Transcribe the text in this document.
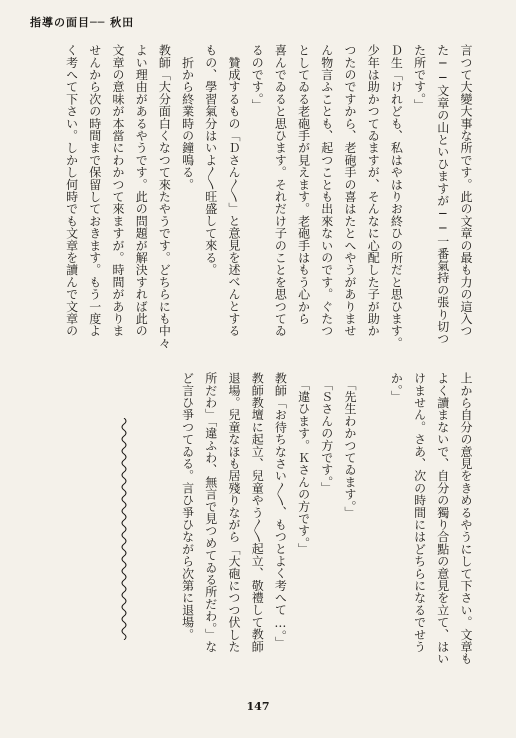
指導の面目── 秋田
言つて大變大事な所です。此の文章の最も力の這入つ
た──文章の山といひますが──一番氣持の張り切つ
た所です。」
Ｄ生「けれども、私はやはりお終ひの所だと思ひます。
少年は助かつてゐますが、そんなに心配した子が助か
つたのですから、老砲手の喜はたとへやうがありませ
ん物言ふことも、起つことも出來ないのです。ぐたつ
としてゐる老砲手が見えます。老砲手はもう心から
喜んでゐると思ひます。それだけ子のことを思つてゐ
るのです。」
　贊成するもの「Ｄさん〳〵」と意見を述べんとする
もの、學習氣分はいよ〳〵旺盛して來る。
　折から終業時の鐘鳴る。
教師「大分面白くなつて來たやうです。どちらにも中々
よい理由があるやうです。此の問題が解決すれば此の
文章の意味が本當にわかつて來ますが。時間がありま
せんから次の時間まで保留しておきます。もう一度よ
く考へて下さい。しかし何時でも文章を讀んで文章の
上から自分の意見をきめるやうにして下さい。文章も
よく讀まないで、自分の獨り合點の意見を立て、はい
けません。さあ、次の時間にはどちらになるでせう
か。」
　「先生わかつてゐます。」
　「Ｓさんの方です。」
　「違ひます。Ｋさんの方です。」
教師「お待ちなさい〳〵、もつとよく考へて…。」
教師教壇に起立、兒童やう〳〵起立、敬禮して教師
退場。兒童なほも居殘りながら「大砲につつ伏した
所だわ」「違ふわ、無言で見つめてゐる所だわ。」な
ど言ひ爭つてゐる。言ひ爭ひながら次第に退場。
147
